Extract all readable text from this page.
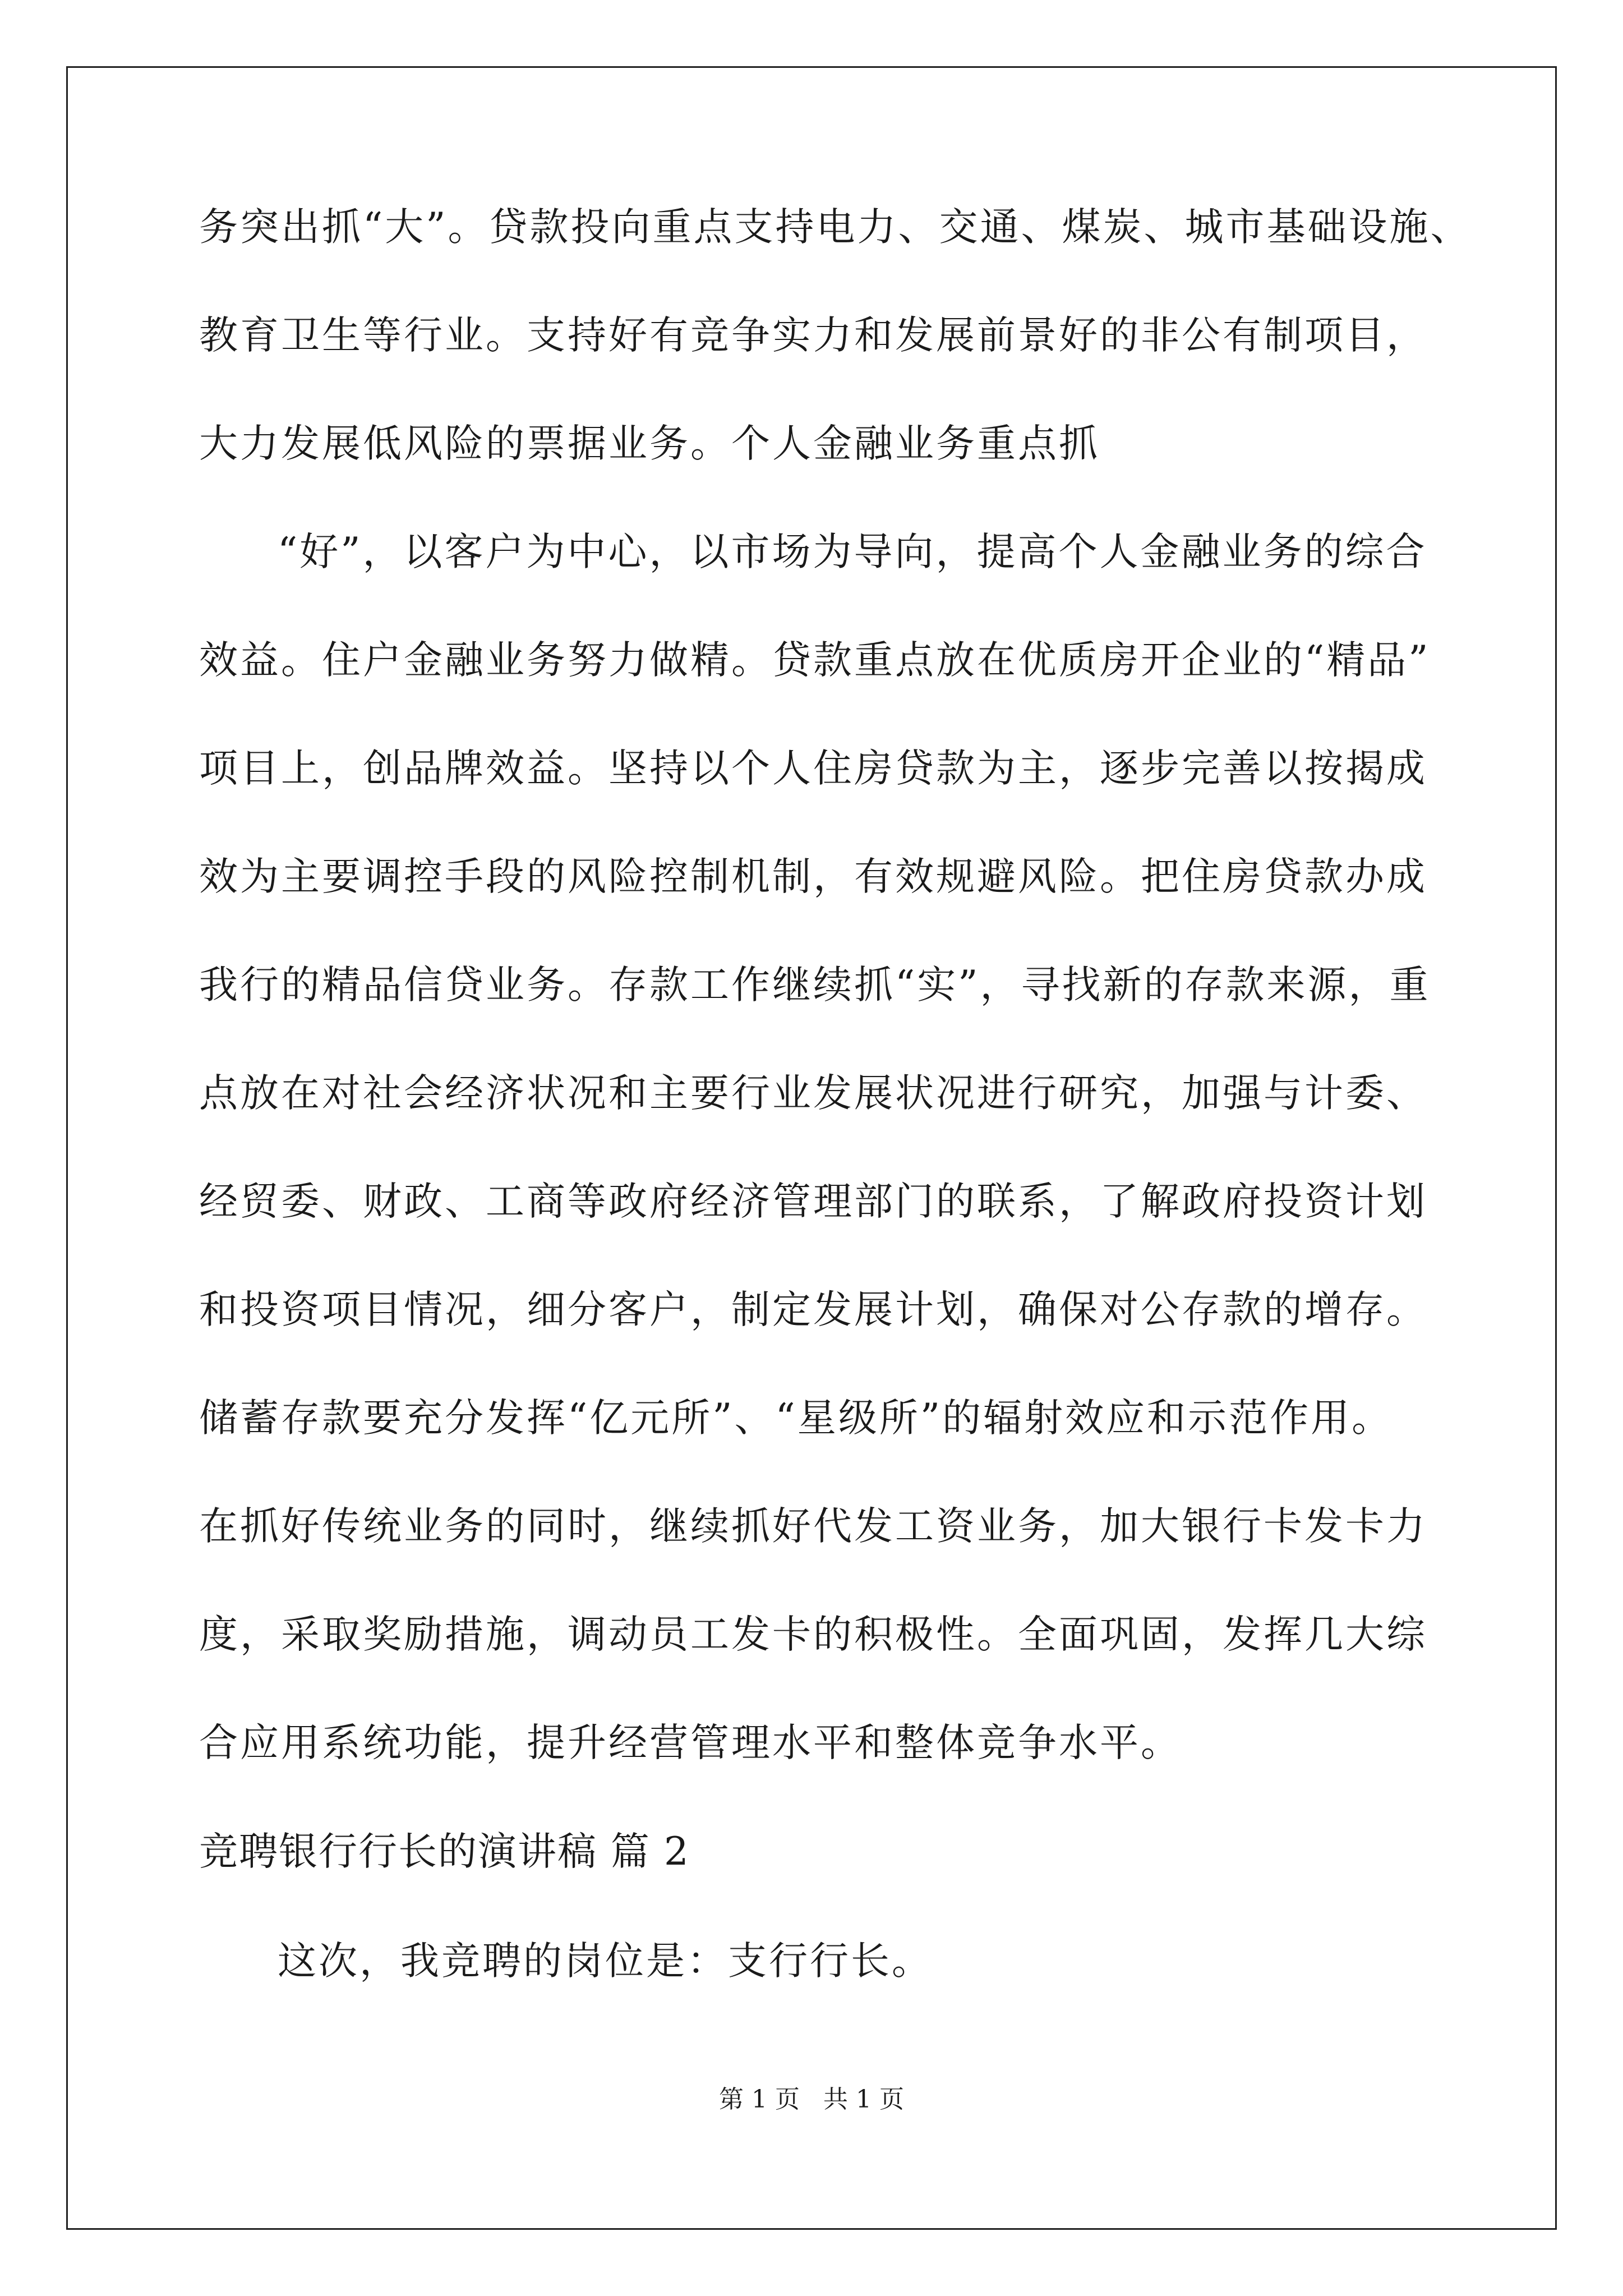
务突出抓“大”。贷款投向重点支持电力、交通、煤炭、城市基础设施、
教育卫生等行业。支持好有竞争实力和发展前景好的非公有制项目，
大力发展低风险的票据业务。个人金融业务重点抓
“好”，以客户为中心，以市场为导向，提高个人金融业务的综合
效益。住户金融业务努力做精。贷款重点放在优质房开企业的“精品”
项目上，创品牌效益。坚持以个人住房贷款为主，逐步完善以按揭成
效为主要调控手段的风险控制机制，有效规避风险。把住房贷款办成
我行的精品信贷业务。存款工作继续抓“实”，寻找新的存款来源，重
点放在对社会经济状况和主要行业发展状况进行研究，加强与计委、
经贸委、财政、工商等政府经济管理部门的联系，了解政府投资计划
和投资项目情况，细分客户，制定发展计划，确保对公存款的增存。
储蓄存款要充分发挥“亿元所”、“星级所”的辐射效应和示范作用。
在抓好传统业务的同时，继续抓好代发工资业务，加大银行卡发卡力
度，采取奖励措施，调动员工发卡的积极性。全面巩固，发挥几大综
合应用系统功能，提升经营管理水平和整体竞争水平。
竞聘银行行长的演讲稿 篇 2
这次，我竞聘的岗位是：支行行长。
第 1 页   共 1 页
